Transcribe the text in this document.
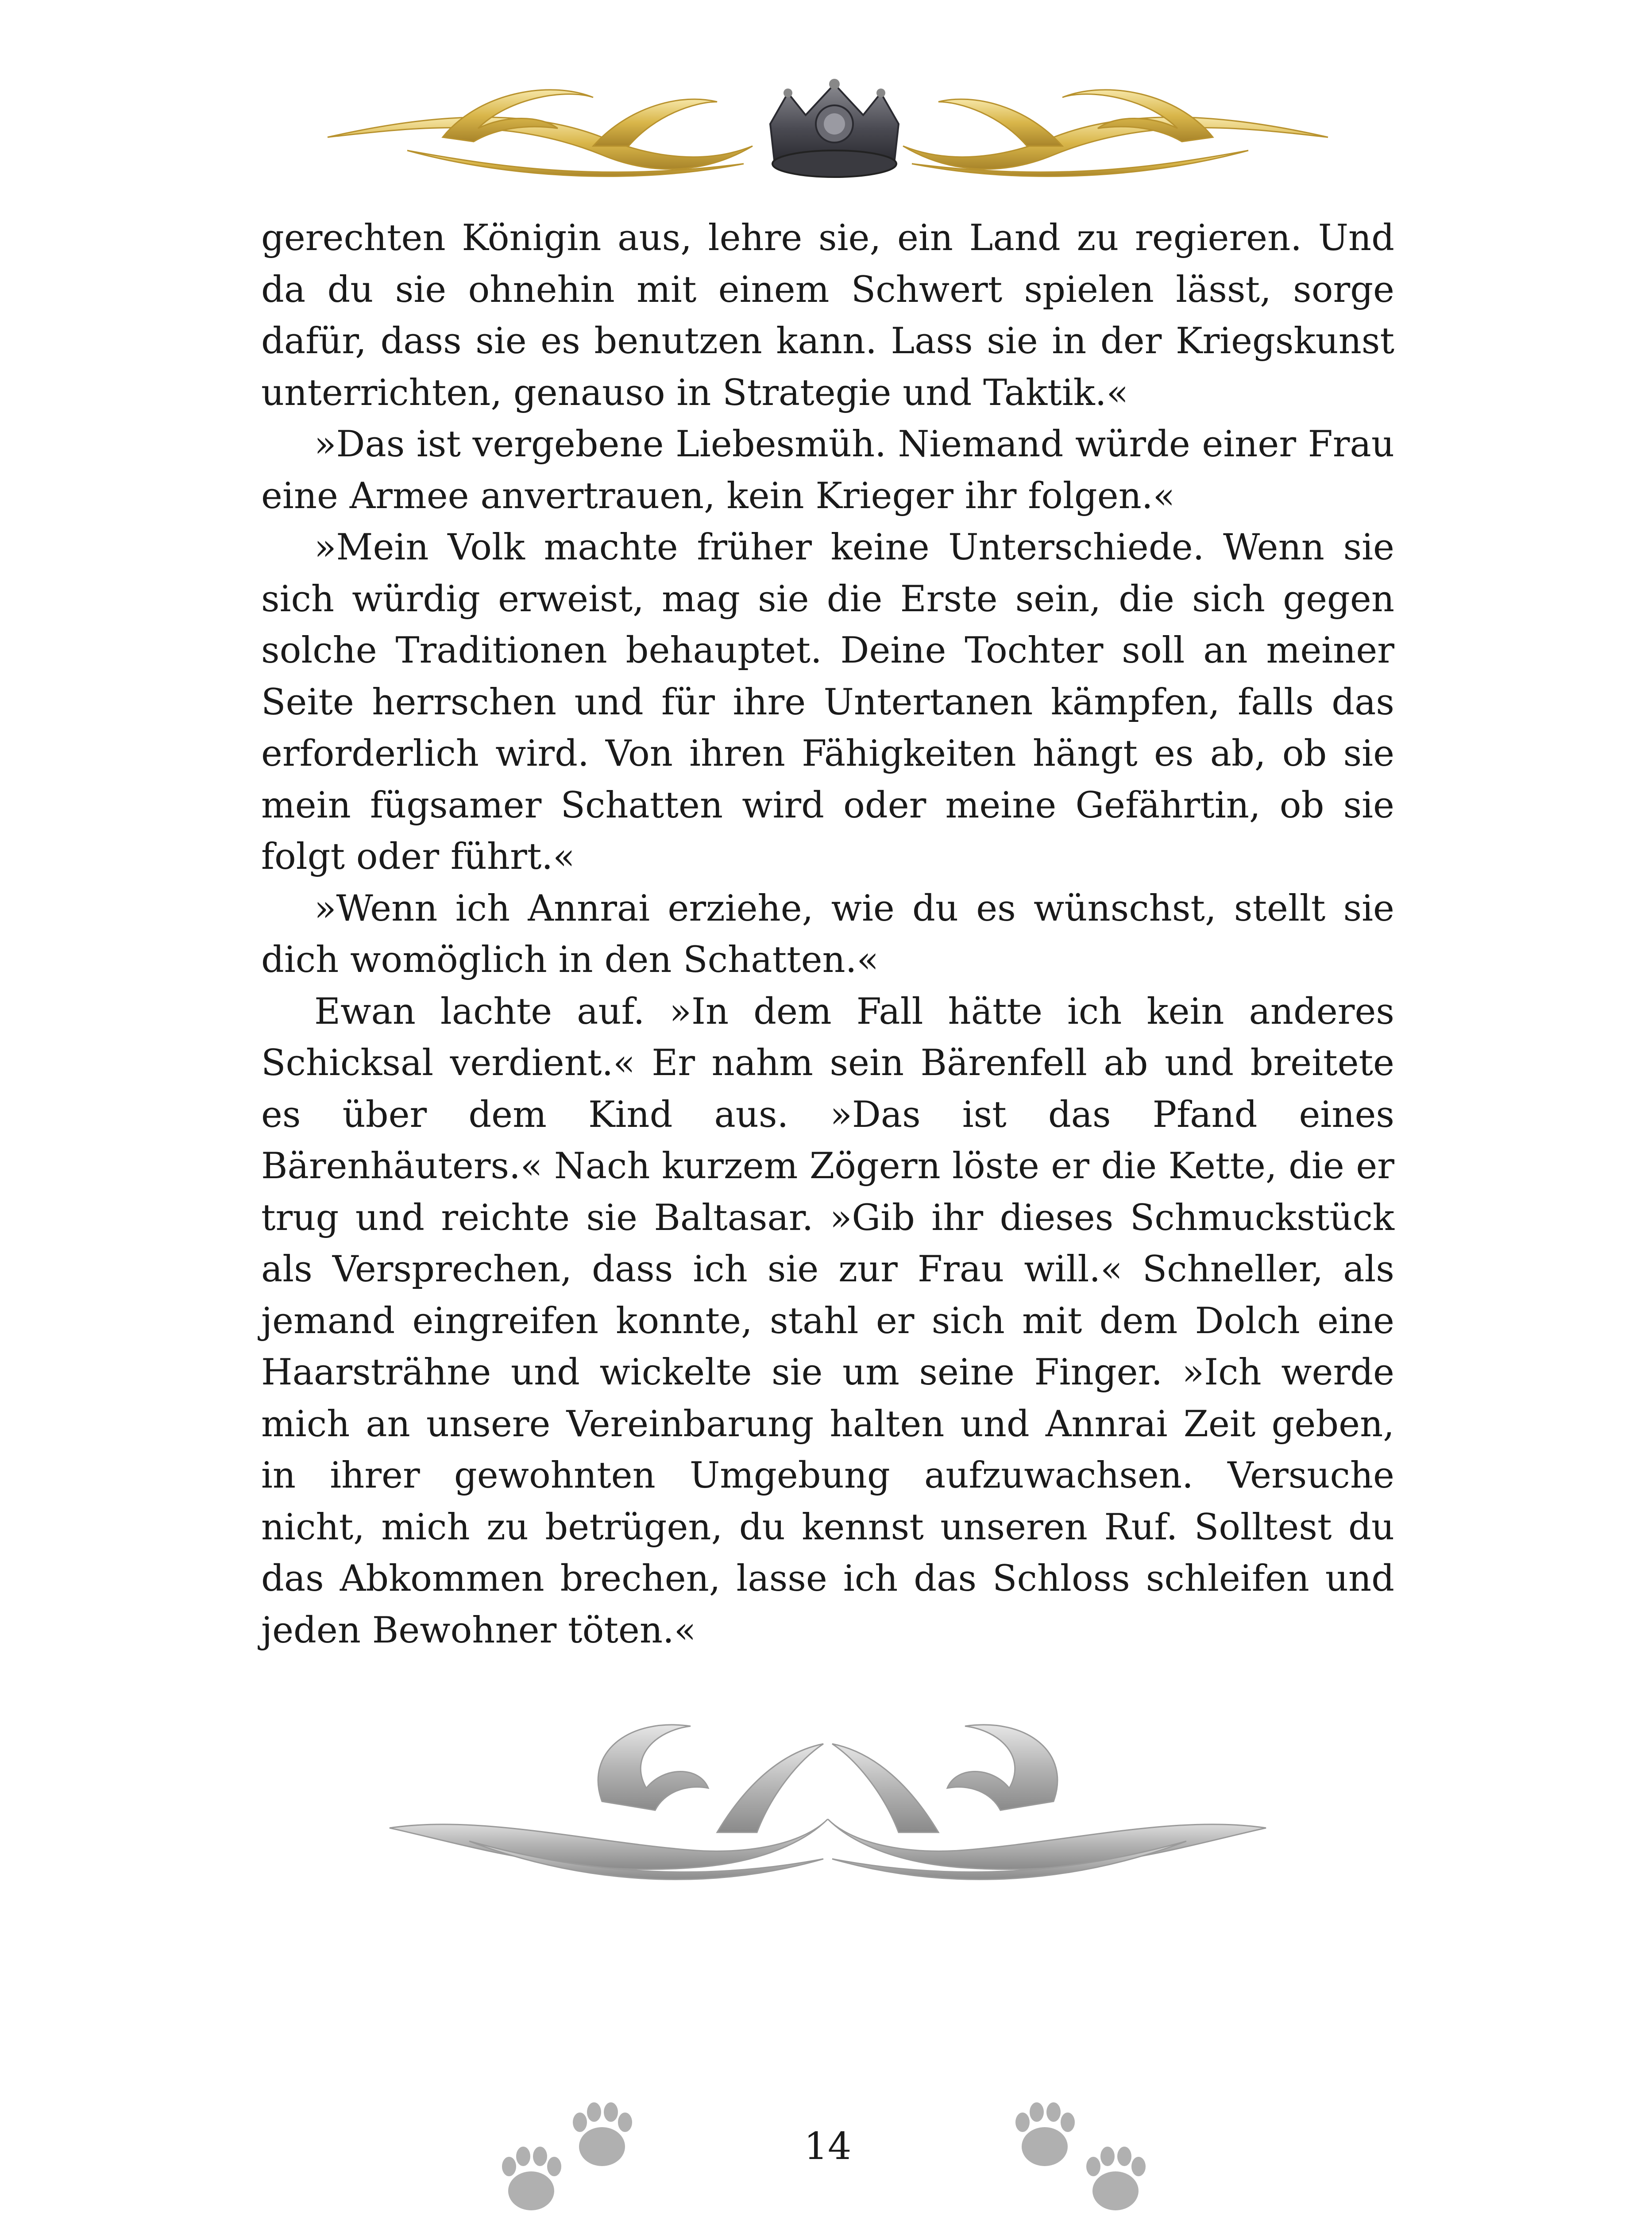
gerechten Königin aus, lehre sie, ein Land zu regieren. Und da du sie ohnehin mit einem Schwert spielen lässt, sorge dafür, dass sie es benutzen kann. Lass sie in der Kriegskunst unterrichten, genauso in Strategie und Taktik.«

»Das ist vergebene Liebesmüh. Niemand würde einer Frau eine Armee anvertrauen, kein Krieger ihr folgen.«

»Mein Volk machte früher keine Unterschiede. Wenn sie sich würdig erweist, mag sie die Erste sein, die sich gegen solche Traditionen behauptet. Deine Tochter soll an meiner Seite herrschen und für ihre Untertanen kämpfen, falls das erforderlich wird. Von ihren Fähigkeiten hängt es ab, ob sie mein fügsamer Schatten wird oder meine Gefährtin, ob sie folgt oder führt.«

»Wenn ich Annrai erziehe, wie du es wünschst, stellt sie dich womöglich in den Schatten.«

Ewan lachte auf. »In dem Fall hätte ich kein anderes Schicksal verdient.« Er nahm sein Bärenfell ab und breitete es über dem Kind aus. »Das ist das Pfand eines Bärenhäuters.« Nach kurzem Zögern löste er die Kette, die er trug und reichte sie Baltasar. »Gib ihr dieses Schmuckstück als Versprechen, dass ich sie zur Frau will.« Schneller, als jemand eingreifen konnte, stahl er sich mit dem Dolch eine Haarsträhne und wickelte sie um seine Finger. »Ich werde mich an unsere Vereinbarung halten und Annrai Zeit geben, in ihrer gewohnten Umgebung aufzuwachsen. Versuche nicht, mich zu betrügen, du kennst unseren Ruf. Solltest du das Abkommen brechen, lasse ich das Schloss schleifen und jeden Bewohner töten.«

14
